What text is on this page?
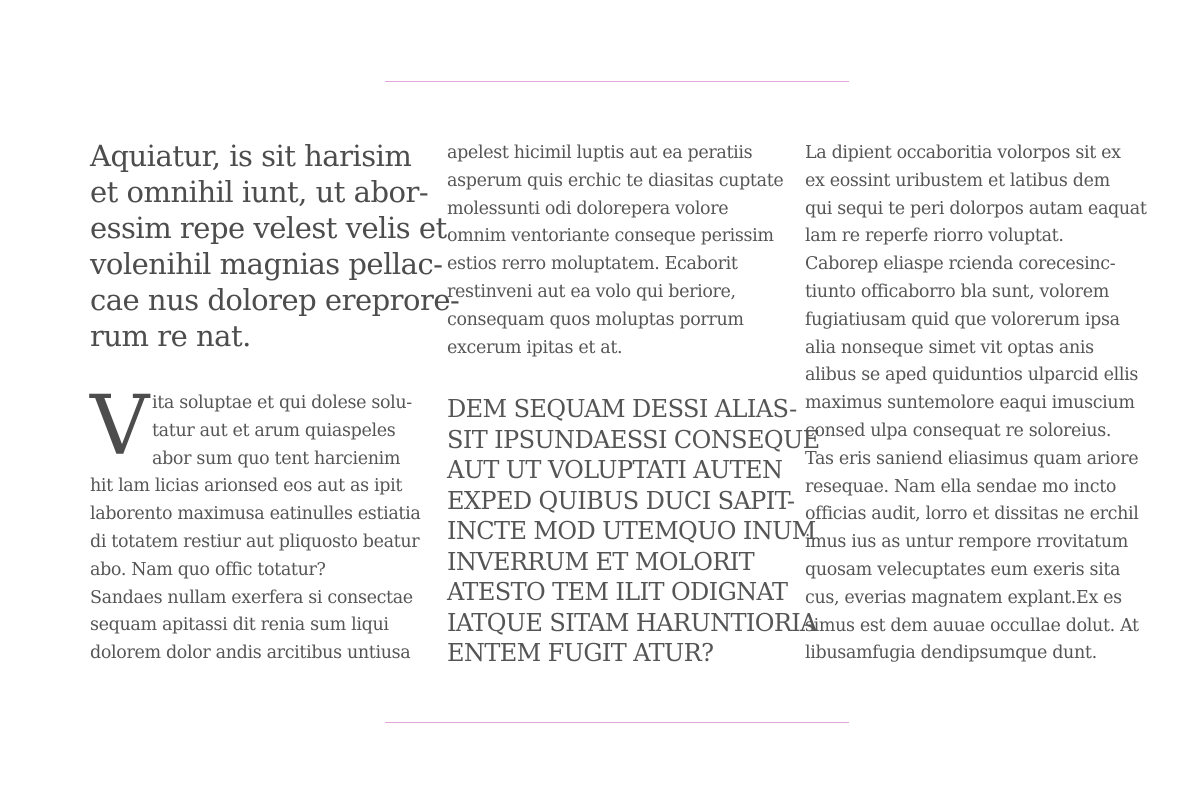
Aquiatur, is sit harisim
et omnihil iunt, ut abor-
essim repe velest velis et
volenihil magnias pellac-
cae nus dolorep ereprore-
rum re nat.

V ita soluptae et qui dolese solu-
tatur aut et arum quiaspeles
abor sum quo tent harcienim
hit lam licias arionsed eos aut as ipit
laborento maximusa eatinulles estiatia
di totatem restiur aut pliquosto beatur
abo. Nam quo offic totatur?
Sandaes nullam exerfera si consectae
sequam apitassi dit renia sum liqui
dolorem dolor andis arcitibus untiusa

apelest hicimil luptis aut ea peratiis
asperum quis erchic te diasitas cuptate
molessunti odi dolorepera volore
omnim ventoriante conseque perissim
estios rerro moluptatem. Ecaborit
restinveni aut ea volo qui beriore,
consequam quos moluptas porrum
excerum ipitas et at.

DEM SEQUAM DESSI ALIAS-
SIT IPSUNDAESSI CONSEQUE
AUT UT VOLUPTATI AUTEN
EXPED QUIBUS DUCI SAPIT-
INCTE MOD UTEMQUO INUM
INVERRUM ET MOLORIT
ATESTO TEM ILIT ODIGNAT
IATQUE SITAM HARUNTIORIA
ENTEM FUGIT ATUR?

La dipient occaboritia volorpos sit ex
ex eossint uribustem et latibus dem
qui sequi te peri dolorpos autam eaquat
lam re reperfe riorro voluptat.
Caborep eliaspe rcienda corecesinc-
tiunto officaborro bla sunt, volorem
fugiatiusam quid que volorerum ipsa
alia nonseque simet vit optas anis
alibus se aped quiduntios ulparcid ellis
maximus suntemolore eaqui imuscium
consed ulpa consequat re soloreius.
Tas eris saniend eliasimus quam ariore
resequae. Nam ella sendae mo incto
officias audit, lorro et dissitas ne erchil
imus ius as untur rempore rrovitatum
quosam velecuptates eum exeris sita
cus, everias magnatem explant.Ex es
simus est dem auuae occullae dolut. At
libusamfugia dendipsumque dunt.
